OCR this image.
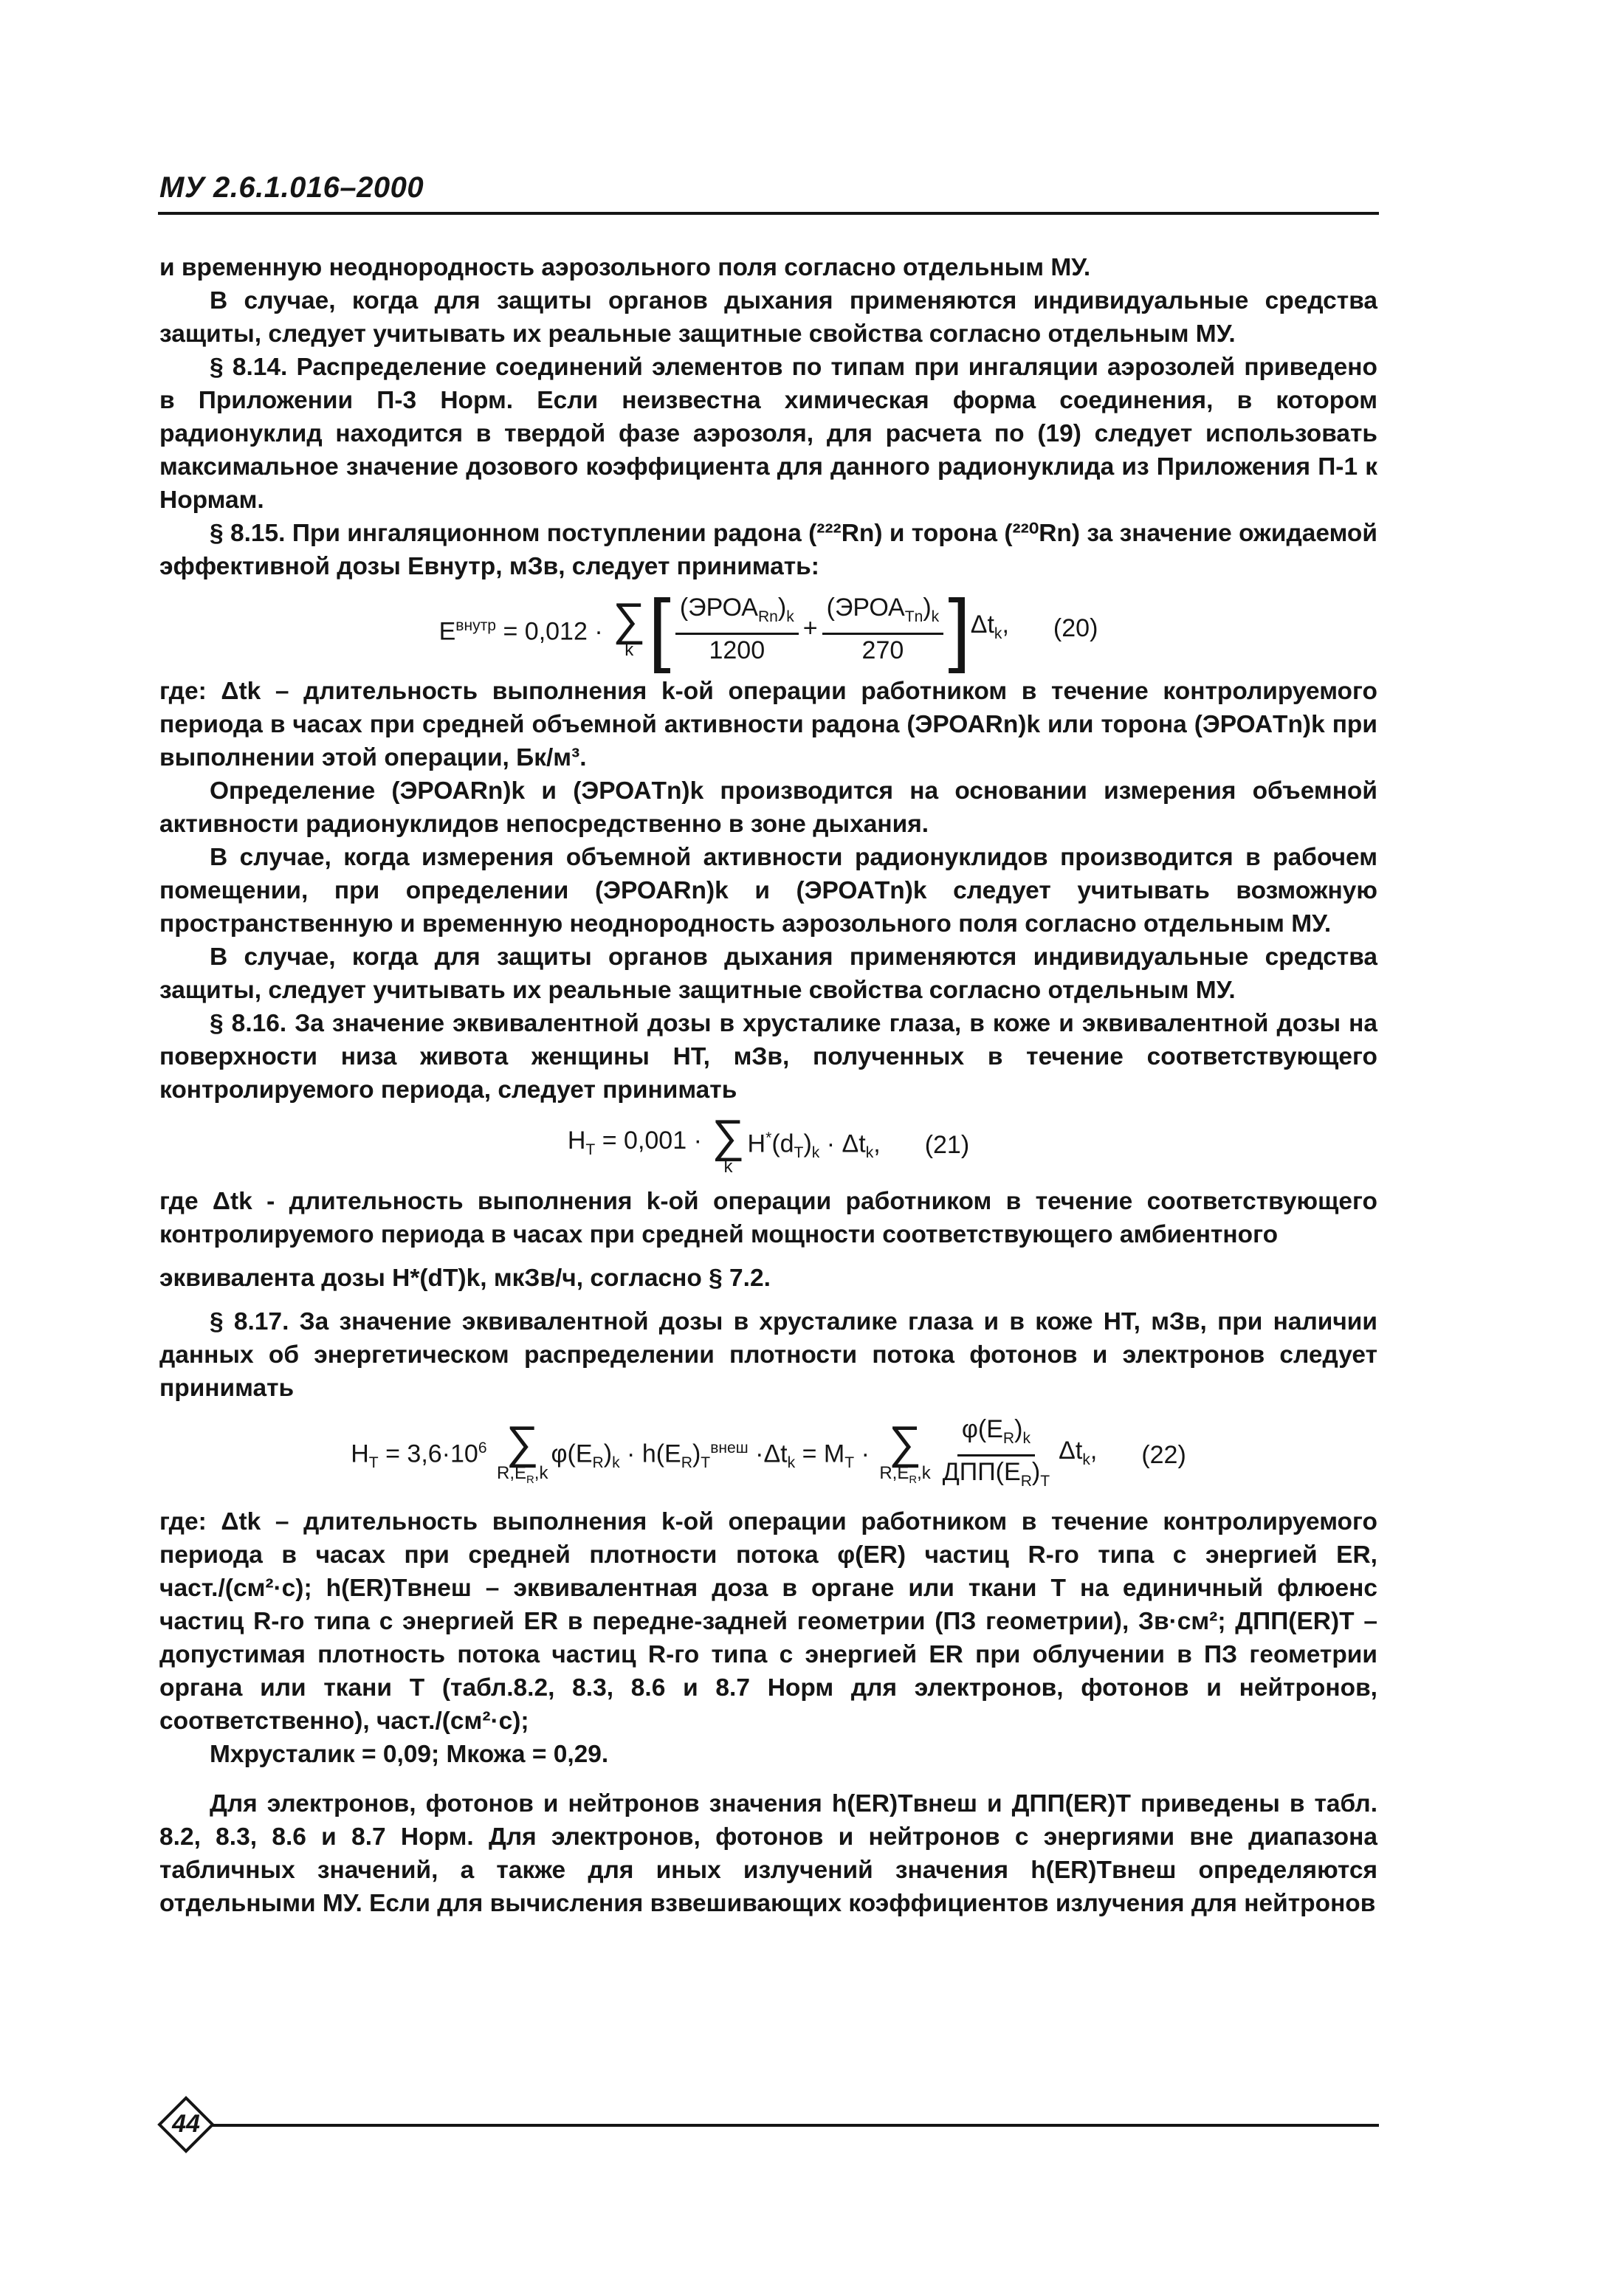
МУ 2.6.1.016–2000

и временную неоднородность аэрозольного поля согласно отдельным МУ.

В случае, когда для защиты органов дыхания применяются индивидуальные средства защиты, следует учитывать их реальные защитные свойства согласно отдельным МУ.

§ 8.14. Распределение соединений элементов по типам при ингаляции аэрозолей приведено в Приложении П-3 Норм. Если неизвестна химическая форма соединения, в котором радионуклид находится в твердой фазе аэрозоля, для расчета по (19) следует использовать максимальное значение дозового коэффициента для данного радионуклида из Приложения П-1 к Нормам.

§ 8.15. При ингаляционном поступлении радона (²²²Rn) и торона (²²⁰Rn) за значение ожидаемой эффективной дозы Eвнутр, мЗв, следует принимать:

$E^{внутр} = 0,012$ · ∑
k [ $\frac{(ЭРОА_{Rn})_k}{1200} + \frac{(ЭРОА_{Tn})_k}{270}$ ] $\Delta t_k$, (20)

где: Δtk – длительность выполнения k-ой операции работником в течение контролируемого периода в часах при средней объемной активности радона (ЭРОАRn)k или торона (ЭРОАTn)k при выполнении этой операции, Бк/м³.

Определение (ЭРОАRn)k и (ЭРОАTn)k производится на основании измерения объемной активности радионуклидов непосредственно в зоне дыхания.

В случае, когда измерения объемной активности радионуклидов производится в рабочем помещении, при определении (ЭРОАRn)k и (ЭРОАTn)k следует учитывать возможную пространственную и временную неоднородность аэрозольного поля согласно отдельным МУ.

В случае, когда для защиты органов дыхания применяются индивидуальные средства защиты, следует учитывать их реальные защитные свойства согласно отдельным МУ.

§ 8.16. За значение эквивалентной дозы в хрусталике глаза, в коже и эквивалентной дозы на поверхности низа живота женщины HT, мЗв, полученных в течение соответствующего контролируемого периода, следует принимать

$H_T = 0,001$ · ∑
k
$H^*(d_T)_k \cdot \Delta t_k$, (21)

где Δtk - длительность выполнения k-ой операции работником в течение соответствующего контролируемого периода в часах при средней мощности соответствующего амбиентного

эквивалента дозы H*(dT)k, мкЗв/ч, согласно § 7.2.

§ 8.17. За значение эквивалентной дозы в хрусталике глаза и в коже HT, мЗв, при наличии данных об энергетическом распределении плотности потока фотонов и электронов следует принимать

$H_T = 3,6\cdot 10^6$ ∑
$R,E_R,k$
$\varphi(E_R)_k \cdot h(E_R)_T^{внеш} \cdot\Delta t_k = M_T$ · ∑
$R,E_R,k \frac{\varphi(E_R)_k}{ДПП(E_R)_T} \Delta t_k$, (22)

где: Δtk – длительность выполнения k-ой операции работником в течение контролируемого периода в часах при средней плотности потока φ(ER) частиц R-го типа с энергией ER, част./(см²·с); h(ER)Tвнеш – эквивалентная доза в органе или ткани T на единичный флюенс частиц R-го типа с энергией ER в передне-задней геометрии (ПЗ геометрии), Зв·см²; ДПП(ER)T – допустимая плотность потока частиц R-го типа с энергией ER при облучении в ПЗ геометрии органа или ткани T (табл.8.2, 8.3, 8.6 и 8.7 Норм для электронов, фотонов и нейтронов, соответственно), част./(см²·с);

Mхрусталик = 0,09; Mкожа = 0,29.

Для электронов, фотонов и нейтронов значения h(ER)Tвнеш и ДПП(ER)T приведены в табл. 8.2, 8.3, 8.6 и 8.7 Норм. Для электронов, фотонов и нейтронов с энергиями вне диапазона табличных значений, а также для иных излучений значения h(ER)Tвнеш определяются отдельными МУ. Если для вычисления взвешивающих коэффициентов излучения для нейтронов

44
